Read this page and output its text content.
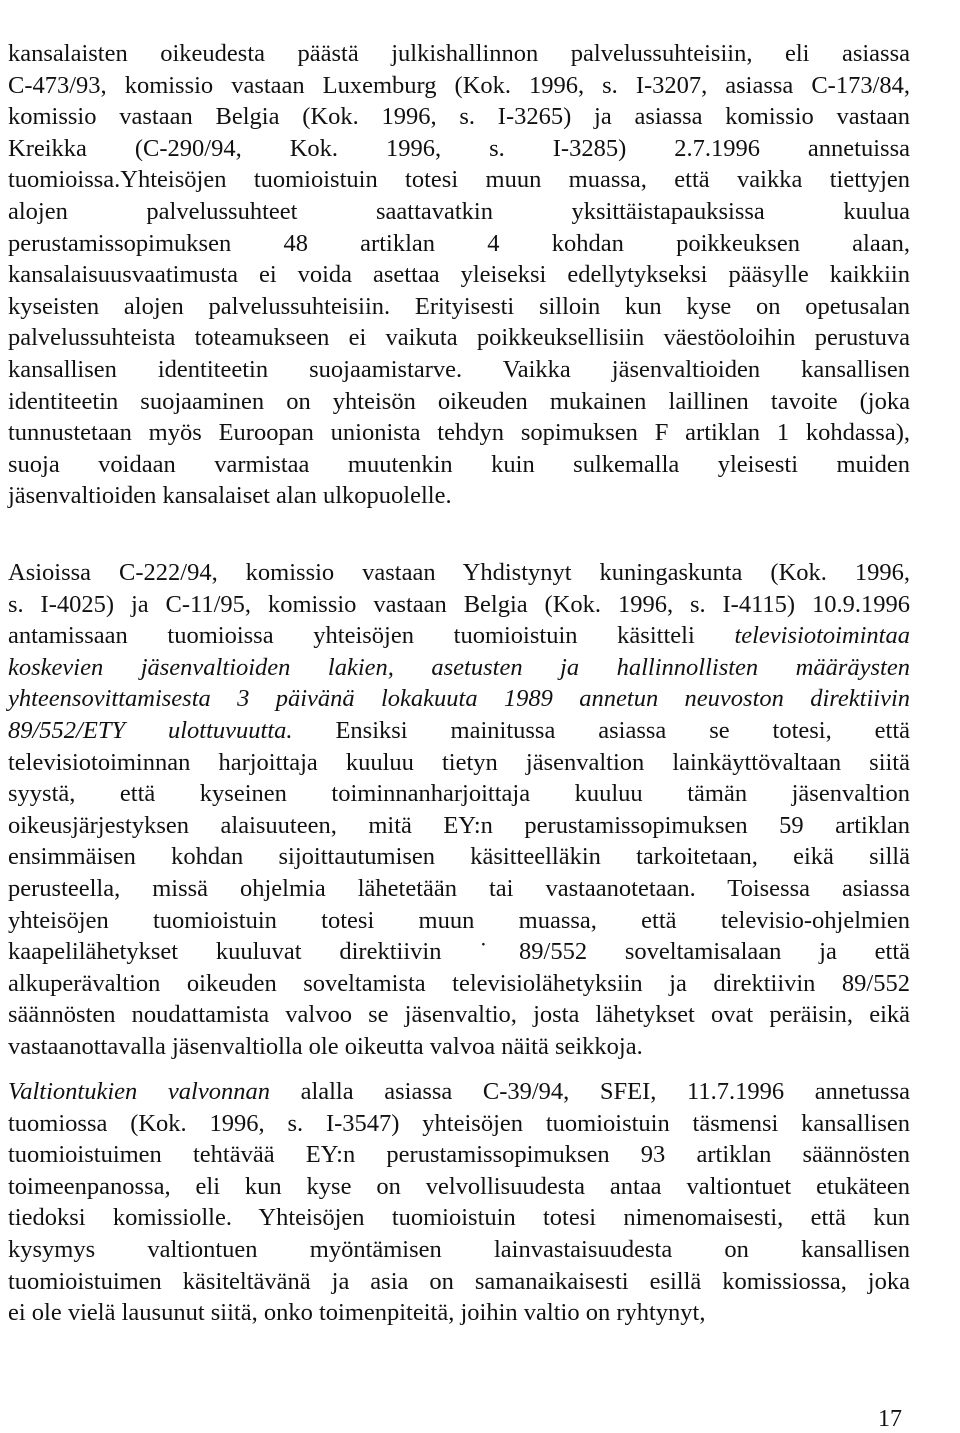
kansalaisten oikeudesta päästä julkishallinnon palvelussuhteisiin, eli asiassa
C-473/93, komissio vastaan Luxemburg (Kok. 1996, s. I-3207, asiassa C-173/84,
komissio vastaan Belgia (Kok. 1996, s. I-3265) ja asiassa komissio vastaan
Kreikka (C-290/94, Kok. 1996, s. I-3285) 2.7.1996 annetuissa
tuomioissa.Yhteisöjen tuomioistuin totesi muun muassa, että vaikka tiettyjen
alojen palvelussuhteet saattavatkin yksittäistapauksissa kuulua
perustamissopimuksen 48 artiklan 4 kohdan poikkeuksen alaan,
kansalaisuusvaatimusta ei voida asettaa yleiseksi edellytykseksi pääsylle kaikkiin
kyseisten alojen palvelussuhteisiin. Erityisesti silloin kun kyse on opetusalan
palvelussuhteista toteamukseen ei vaikuta poikkeuksellisiin väestöoloihin perustuva
kansallisen identiteetin suojaamistarve. Vaikka jäsenvaltioiden kansallisen
identiteetin suojaaminen on yhteisön oikeuden mukainen laillinen tavoite (joka
tunnustetaan myös Euroopan unionista tehdyn sopimuksen F artiklan 1 kohdassa),
suoja voidaan varmistaa muutenkin kuin sulkemalla yleisesti muiden
jäsenvaltioiden kansalaiset alan ulkopuolelle.
Asioissa C-222/94, komissio vastaan Yhdistynyt kuningaskunta (Kok. 1996,
s. I-4025) ja C-11/95, komissio vastaan Belgia (Kok. 1996, s. I-4115) 10.9.1996
antamissaan tuomioissa yhteisöjen tuomioistuin käsitteli televisiotoimintaa
koskevien jäsenvaltioiden lakien, asetusten ja hallinnollisten määräysten
yhteensovittamisesta 3 päivänä lokakuuta 1989 annetun neuvoston direktiivin
89/552/ETY ulottuvuutta. Ensiksi mainitussa asiassa se totesi, että
televisiotoiminnan harjoittaja kuuluu tietyn jäsenvaltion lainkäyttövaltaan siitä
syystä, että kyseinen toiminnanharjoittaja kuuluu tämän jäsenvaltion
oikeusjärjestyksen alaisuuteen, mitä EY:n perustamissopimuksen 59 artiklan
ensimmäisen kohdan sijoittautumisen käsitteelläkin tarkoitetaan, eikä sillä
perusteella, missä ohjelmia lähetetään tai vastaanotetaan. Toisessa asiassa
yhteisöjen tuomioistuin totesi muun muassa, että televisio-ohjelmien
kaapelilähetykset kuuluvat direktiivin ˙89/552 soveltamisalaan ja että
alkuperävaltion oikeuden soveltamista televisiolähetyksiin ja direktiivin 89/552
säännösten noudattamista valvoo se jäsenvaltio, josta lähetykset ovat peräisin, eikä
vastaanottavalla jäsenvaltiolla ole oikeutta valvoa näitä seikkoja.
Valtiontukien valvonnan alalla asiassa C-39/94, SFEI, 11.7.1996 annetussa
tuomiossa (Kok. 1996, s. I-3547) yhteisöjen tuomioistuin täsmensi kansallisen
tuomioistuimen tehtävää EY:n perustamissopimuksen 93 artiklan säännösten
toimeenpanossa, eli kun kyse on velvollisuudesta antaa valtiontuet etukäteen
tiedoksi komissiolle. Yhteisöjen tuomioistuin totesi nimenomaisesti, että kun
kysymys valtiontuen myöntämisen lainvastaisuudesta on kansallisen
tuomioistuimen käsiteltävänä ja asia on samanaikaisesti esillä komissiossa, joka
ei ole vielä lausunut siitä, onko toimenpiteitä, joihin valtio on ryhtynyt,
17
